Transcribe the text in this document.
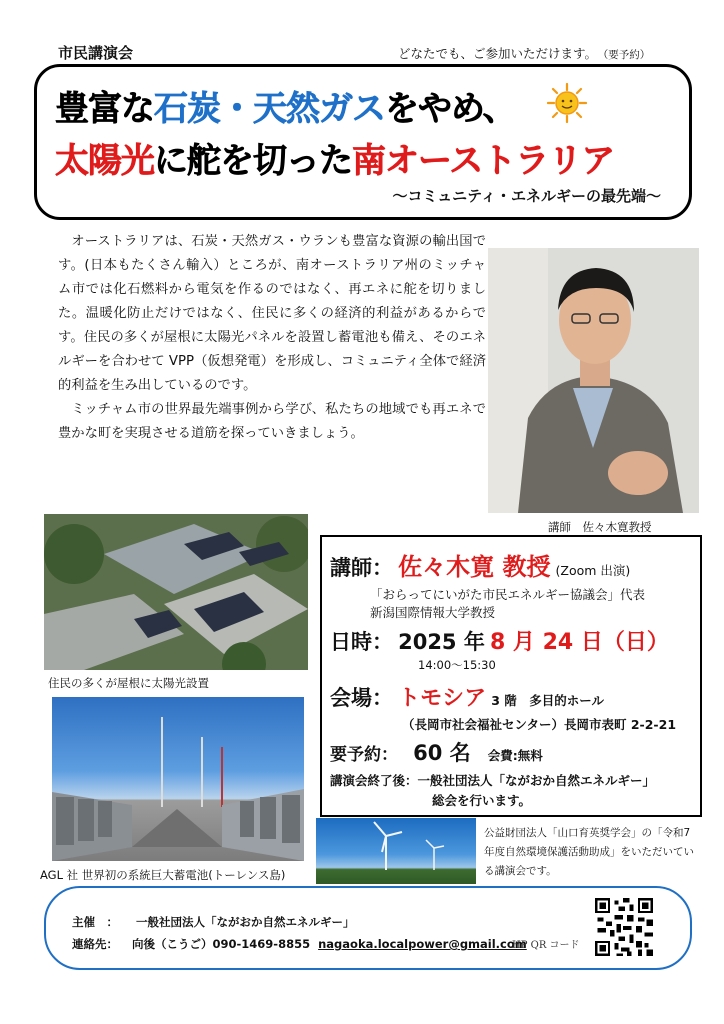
市民講演会	どなたでも、ご参加いただけます。 （要予約）
豊富な石炭・天然ガスをやめ、
太陽光に舵を切った南オーストラリア
～コミュニティ・エネルギーの最先端～

オーストラリアは、石炭・天然ガス・ウランも豊富な資源の輸出国です。(日本もたくさん輸入）ところが、南オーストラリア州のミッチャム市では化石燃料から電気を作るのではなく、再エネに舵を切りました。温暖化防止だけではなく、住民に多くの経済的利益があるからです。住民の多くが屋根に太陽光パネルを設置し蓄電池も備え、そのエネルギーを合わせて VPP（仮想発電）を形成し、コミュニティ全体で経済的利益を生み出しているのです。

ミッチャム市の世界最先端事例から学び、私たちの地域でも再エネで豊かな町を実現させる道筋を探っていきましょう。

講師　佐々木寛教授
住民の多くが屋根に太陽光設置
AGL 社 世界初の系統巨大蓄電池(トーレンス島)
講師： 佐々木寛 教授 (Zoom 出演)
「おらってにいがた市民エネルギー協議会」代表
新潟国際情報大学教授
日時： 2025 年 8 月 24 日（日）
14:00～15:30
会場： トモシア 3 階　多目的ホール
（長岡市社会福祉センター）長岡市表町 2-2-21
要予約： 60 名 会費:無料
講演会終了後：一般社団法人「ながおか自然エネルギー」
総会を行います。
公益財団法人「山口育英奨学会」の「令和7 年度自然環境保護活動助成」をいただいている講演会です。
主催　： 一般社団法人「ながおか自然エネルギー」
連絡先： 向後（こうご）090-1469-8855 nagaoka.localpower@gmail.com
HP QR コード
